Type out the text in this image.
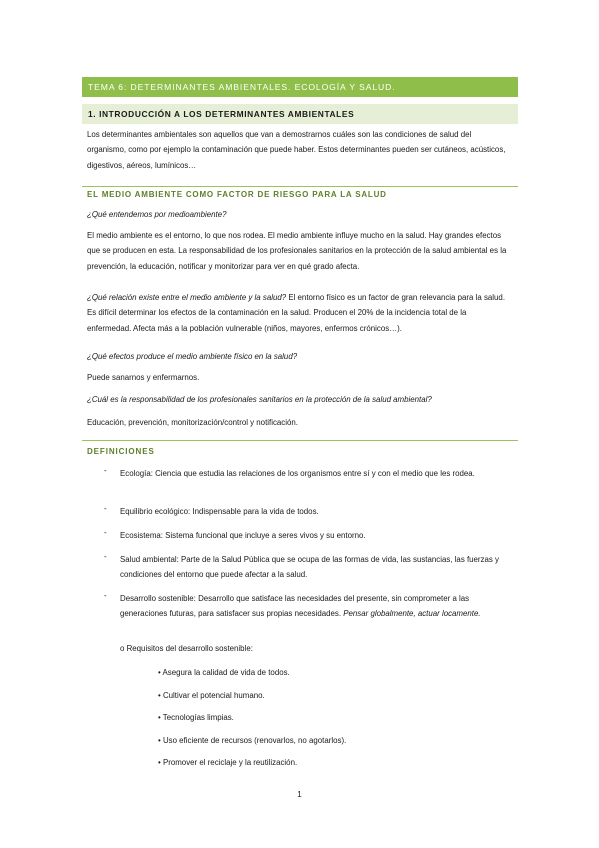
TEMA 6: DETERMINANTES AMBIENTALES. ECOLOGÍA Y SALUD.
1. INTRODUCCIÓN A LOS DETERMINANTES AMBIENTALES
Los determinantes ambientales son aquellos que van a demostrarnos cuáles son las condiciones de salud del organismo, como por ejemplo la contaminación que puede haber. Estos determinantes pueden ser cutáneos, acústicos, digestivos, aéreos, lumínicos…
EL MEDIO AMBIENTE COMO FACTOR DE RIESGO PARA LA SALUD
¿Qué entendemos por medioambiente?
El medio ambiente es el entorno, lo que nos rodea. El medio ambiente influye mucho en la salud. Hay grandes efectos que se producen en esta. La responsabilidad de los profesionales sanitarios en la protección de la salud ambiental es la prevención, la educación, notificar y monitorizar para ver en qué grado afecta.
¿Qué relación existe entre el medio ambiente y la salud? El entorno físico es un factor de gran relevancia para la salud. Es difícil determinar los efectos de la contaminación en la salud. Producen el 20% de la incidencia total de la enfermedad. Afecta más a la población vulnerable (niños, mayores, enfermos crónicos…).
¿Qué efectos produce el medio ambiente físico en la salud?
Puede sanarnos y enfermarnos.
¿Cuál es la responsabilidad de los profesionales sanitarios en la protección de la salud ambiental?
Educación, prevención, monitorización/control y notificación.
DEFINICIONES
- Ecología: Ciencia que estudia las relaciones de los organismos entre sí y con el medio que les rodea.
- Equilibrio ecológico: Indispensable para la vida de todos.
- Ecosistema: Sistema funcional que incluye a seres vivos y su entorno.
- Salud ambiental: Parte de la Salud Pública que se ocupa de las formas de vida, las sustancias, las fuerzas y condiciones del entorno que puede afectar a la salud.
- Desarrollo sostenible: Desarrollo que satisface las necesidades del presente, sin comprometer a las generaciones futuras, para satisfacer sus propias necesidades. Pensar globalmente, actuar locamente.
o Requisitos del desarrollo sostenible:
• Asegura la calidad de vida de todos.
• Cultivar el potencial humano.
• Tecnologías limpias.
• Uso eficiente de recursos (renovarlos, no agotarlos).
• Promover el reciclaje y la reutilización.
1
